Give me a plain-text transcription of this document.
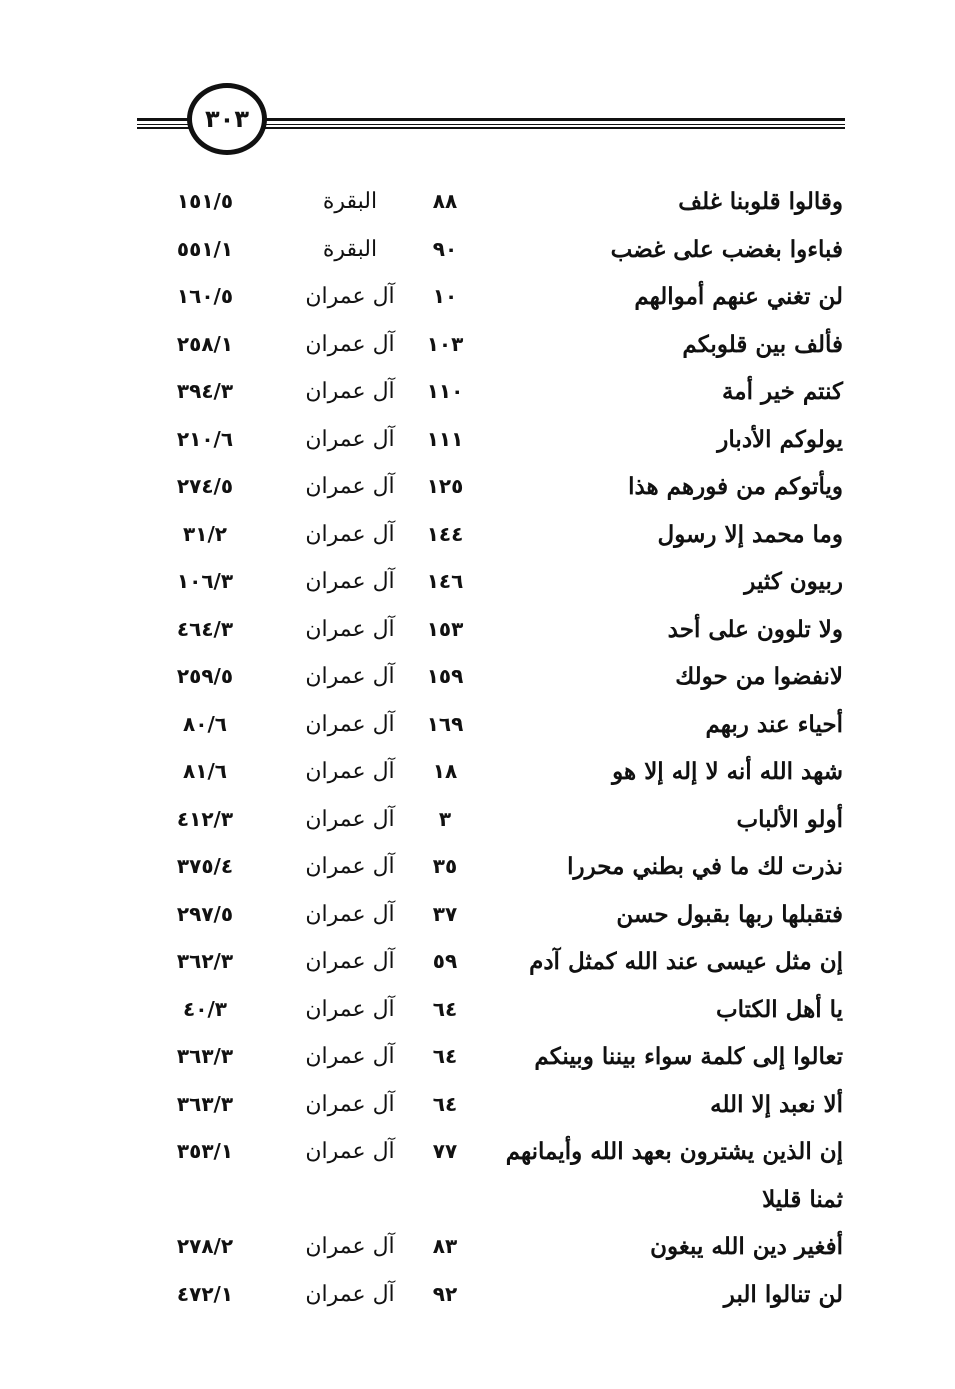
٣٠٣
وقالوا قلوبنا غلف
٨٨
البقرة
١٥١/٥
فباءوا بغضب على غضب
٩٠
البقرة
٥٥١/١
لن تغني عنهم أموالهم
١٠
آل عمران
١٦٠/٥
فألف بين قلوبكم
١٠٣
آل عمران
٢٥٨/١
كنتم خير أمة
١١٠
آل عمران
٣٩٤/٣
يولوكم الأدبار
١١١
آل عمران
٢١٠/٦
ويأتوكم من فورهم هذا
١٢٥
آل عمران
٢٧٤/٥
وما محمد إلا رسول
١٤٤
آل عمران
٣١/٢
ربيون كثير
١٤٦
آل عمران
١٠٦/٣
ولا تلوون على أحد
١٥٣
آل عمران
٤٦٤/٣
لانفضوا من حولك
١٥٩
آل عمران
٢٥٩/٥
أحياء عند ربهم
١٦٩
آل عمران
٨٠/٦
شهد الله أنه لا إله إلا هو
١٨
آل عمران
٨١/٦
أولو الألباب
٣
آل عمران
٤١٢/٣
نذرت لك ما في بطني محررا
٣٥
آل عمران
٣٧٥/٤
فتقبلها ربها بقبول حسن
٣٧
آل عمران
٢٩٧/٥
إن مثل عيسى عند الله كمثل آدم
٥٩
آل عمران
٣٦٢/٣
يا أهل الكتاب
٦٤
آل عمران
٤٠/٣
تعالوا إلى كلمة سواء بيننا وبينكم
٦٤
آل عمران
٣٦٣/٣
ألا نعبد إلا الله
٦٤
آل عمران
٣٦٣/٣
إن الذين يشترون بعهد الله وأيمانهم
٧٧
آل عمران
٣٥٣/١
ثمنا قليلا
أفغير دين الله يبغون
٨٣
آل عمران
٢٧٨/٢
لن تنالوا البر
٩٢
آل عمران
٤٧٢/١
